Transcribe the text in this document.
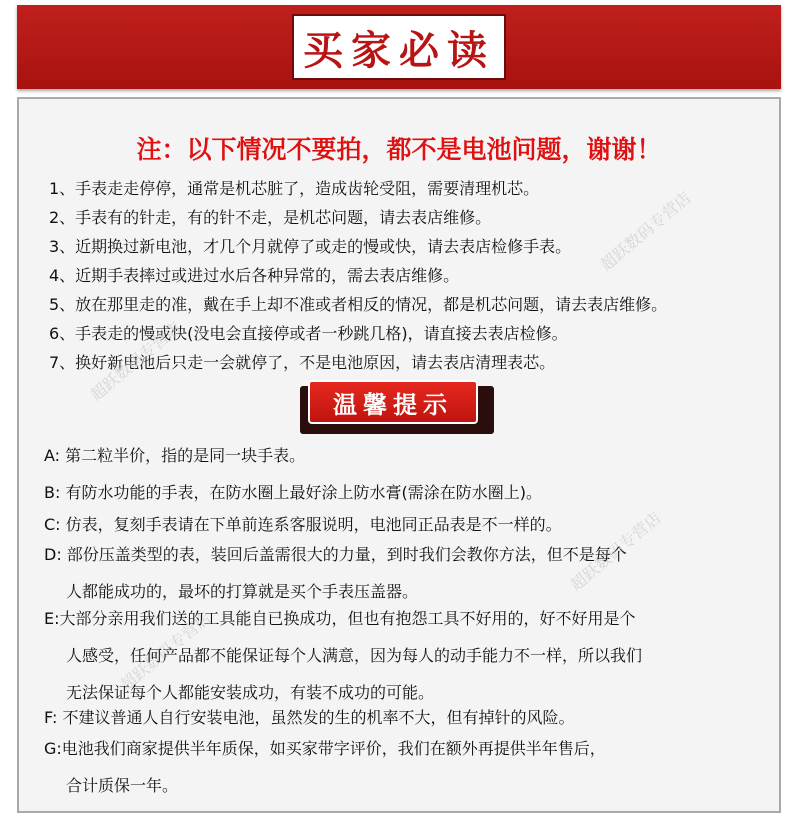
买家必读
注：以下情况不要拍，都不是电池问题，谢谢！
1、手表走走停停，通常是机芯脏了，造成齿轮受阻，需要清理机芯。
2、手表有的针走，有的针不走，是机芯问题，请去表店维修。
3、近期换过新电池，才几个月就停了或走的慢或快，请去表店检修手表。
4、近期手表摔过或进过水后各种异常的，需去表店维修。
5、放在那里走的准，戴在手上却不准或者相反的情况，都是机芯问题，请去表店维修。
6、手表走的慢或快(没电会直接停或者一秒跳几格)，请直接去表店检修。
7、换好新电池后只走一会就停了，不是电池原因，请去表店清理表芯。
超跃数码专营店
超跃数码专营店
超跃数码专营店
超跃数码专营店
温馨提示
A: 第二粒半价，指的是同一块手表。
B: 有防水功能的手表，在防水圈上最好涂上防水膏(需涂在防水圈上)。
C: 仿表，复刻手表请在下单前连系客服说明，电池同正品表是不一样的。
D: 部份压盖类型的表，装回后盖需很大的力量，到时我们会教你方法，但不是每个
人都能成功的，最坏的打算就是买个手表压盖器。
E:大部分亲用我们送的工具能自已换成功，但也有抱怨工具不好用的，好不好用是个
人感受，任何产品都不能保证每个人满意，因为每人的动手能力不一样，所以我们
无法保证每个人都能安装成功，有装不成功的可能。
F: 不建议普通人自行安装电池，虽然发的生的机率不大，但有掉针的风险。
G:电池我们商家提供半年质保，如买家带字评价，我们在额外再提供半年售后，
合计质保一年。
